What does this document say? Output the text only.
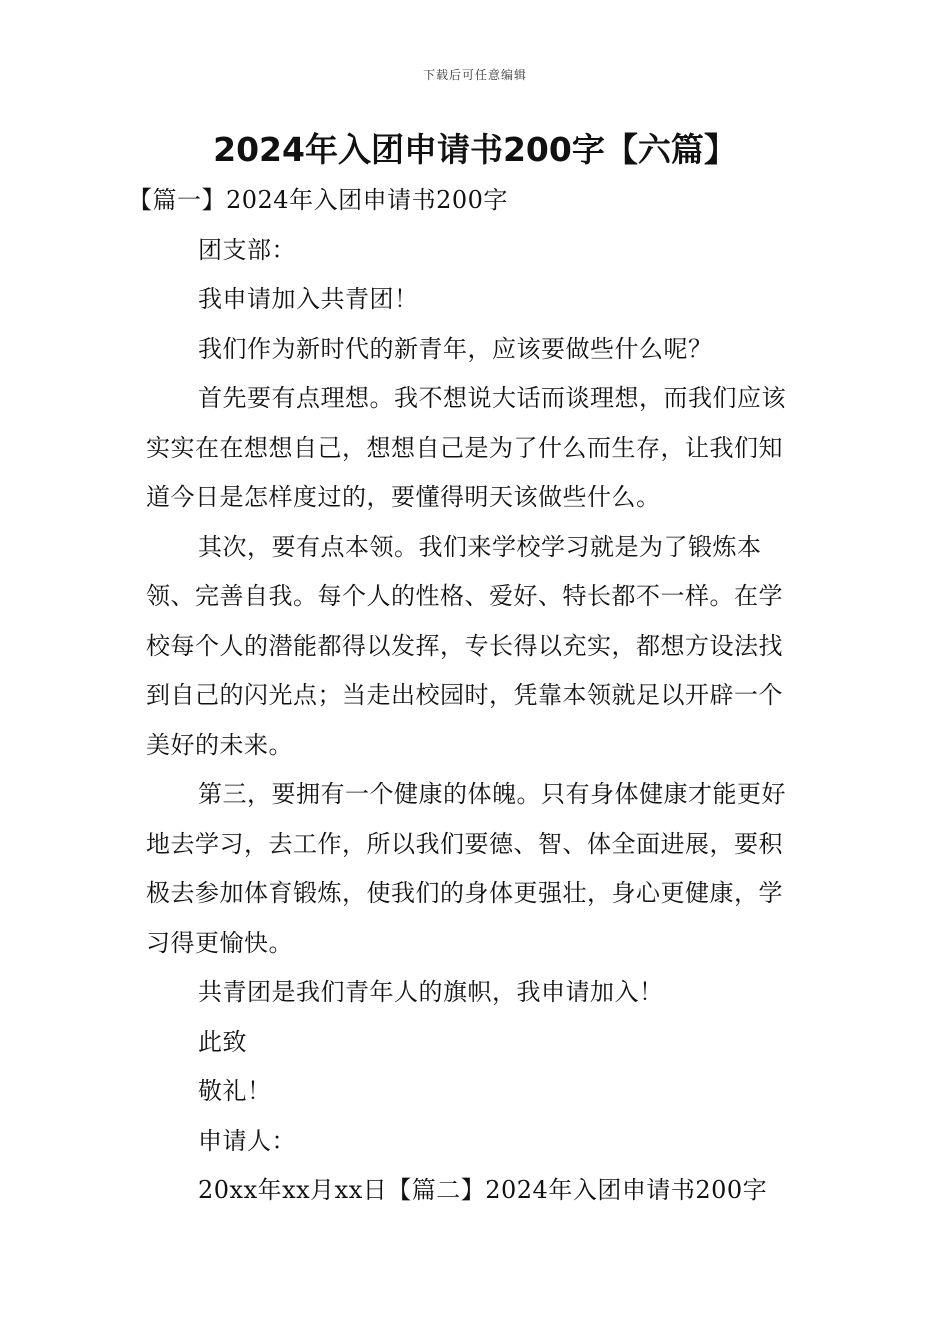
下载后可任意编辑
2024年入团申请书200字【六篇】

【篇一】2024年入团申请书200字

团支部：

我申请加入共青团！

我们作为新时代的新青年，应该要做些什么呢？

首先要有点理想。我不想说大话而谈理想，而我们应该实实在在想想自己，想想自己是为了什么而生存，让我们知道今日是怎样度过的，要懂得明天该做些什么。

其次，要有点本领。我们来学校学习就是为了锻炼本领、完善自我。每个人的性格、爱好、特长都不一样。在学校每个人的潜能都得以发挥，专长得以充实，都想方设法找到自己的闪光点；当走出校园时，凭靠本领就足以开辟一个美好的未来。

第三，要拥有一个健康的体魄。只有身体健康才能更好地去学习，去工作，所以我们要德、智、体全面进展，要积极去参加体育锻炼，使我们的身体更强壮，身心更健康，学习得更愉快。

共青团是我们青年人的旗帜，我申请加入！

此致

敬礼！

申请人：

20xx年xx月xx日【篇二】2024年入团申请书200字
